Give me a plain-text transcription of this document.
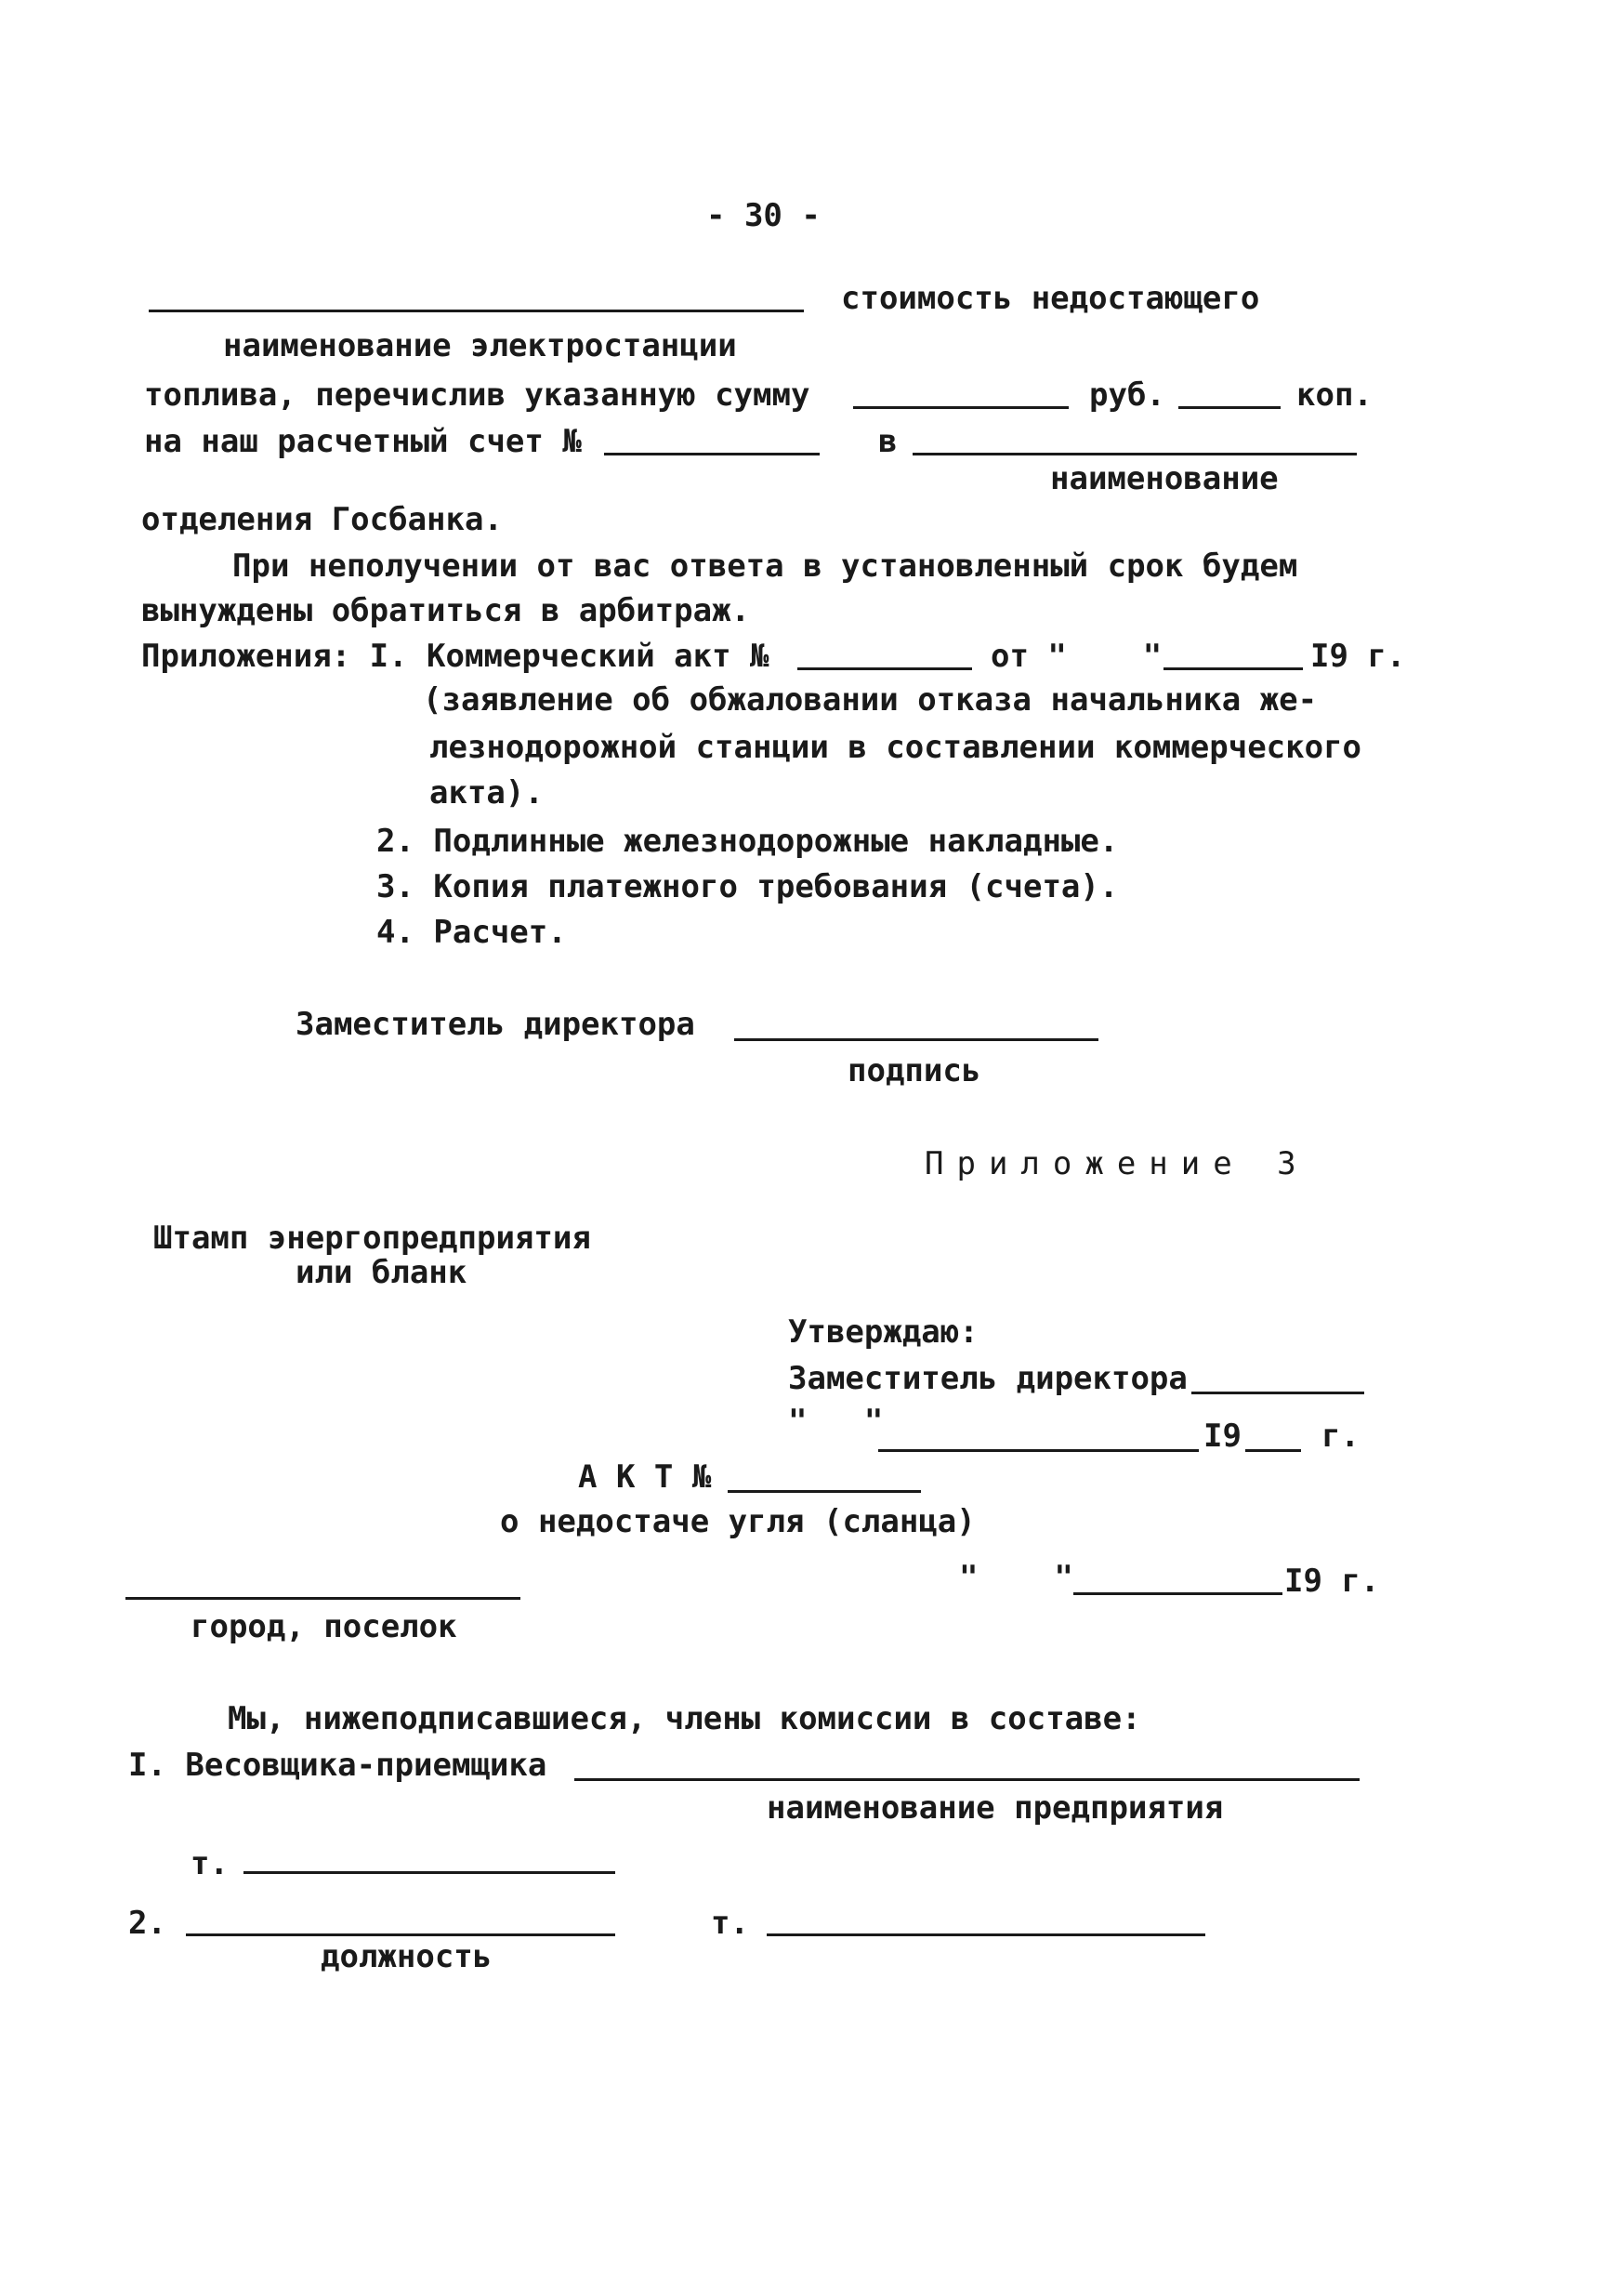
- 30 -
стоимость недостающего
наименование электростанции
топлива, перечислив указанную сумму	руб.	коп.
на наш расчетный счет №	в
наименование
отделения Госбанка.
При неполучении от вас ответа в установленный срок будем
вынуждены обратиться в арбитраж.
Приложения: I. Коммерческий акт №	от "    "	I9 г.
(заявление об обжаловании отказа начальника же-
лезнодорожной станции в составлении коммерческого
акта).
2. Подлинные железнодорожные накладные.
3. Копия платежного требования (счета).
4. Расчет.
Заместитель директора
подпись
Приложение 3
Штамп энергопредприятия
или бланк
Утверждаю:
Заместитель директора
"   "	I9	г.
А К Т №
о недостаче угля (сланца)
"    "	I9 г.
город, поселок
Мы, нижеподписавшиеся, члены комиссии в составе:
I. Весовщика-приемщика
наименование предприятия
т.
2.	т.
должность
